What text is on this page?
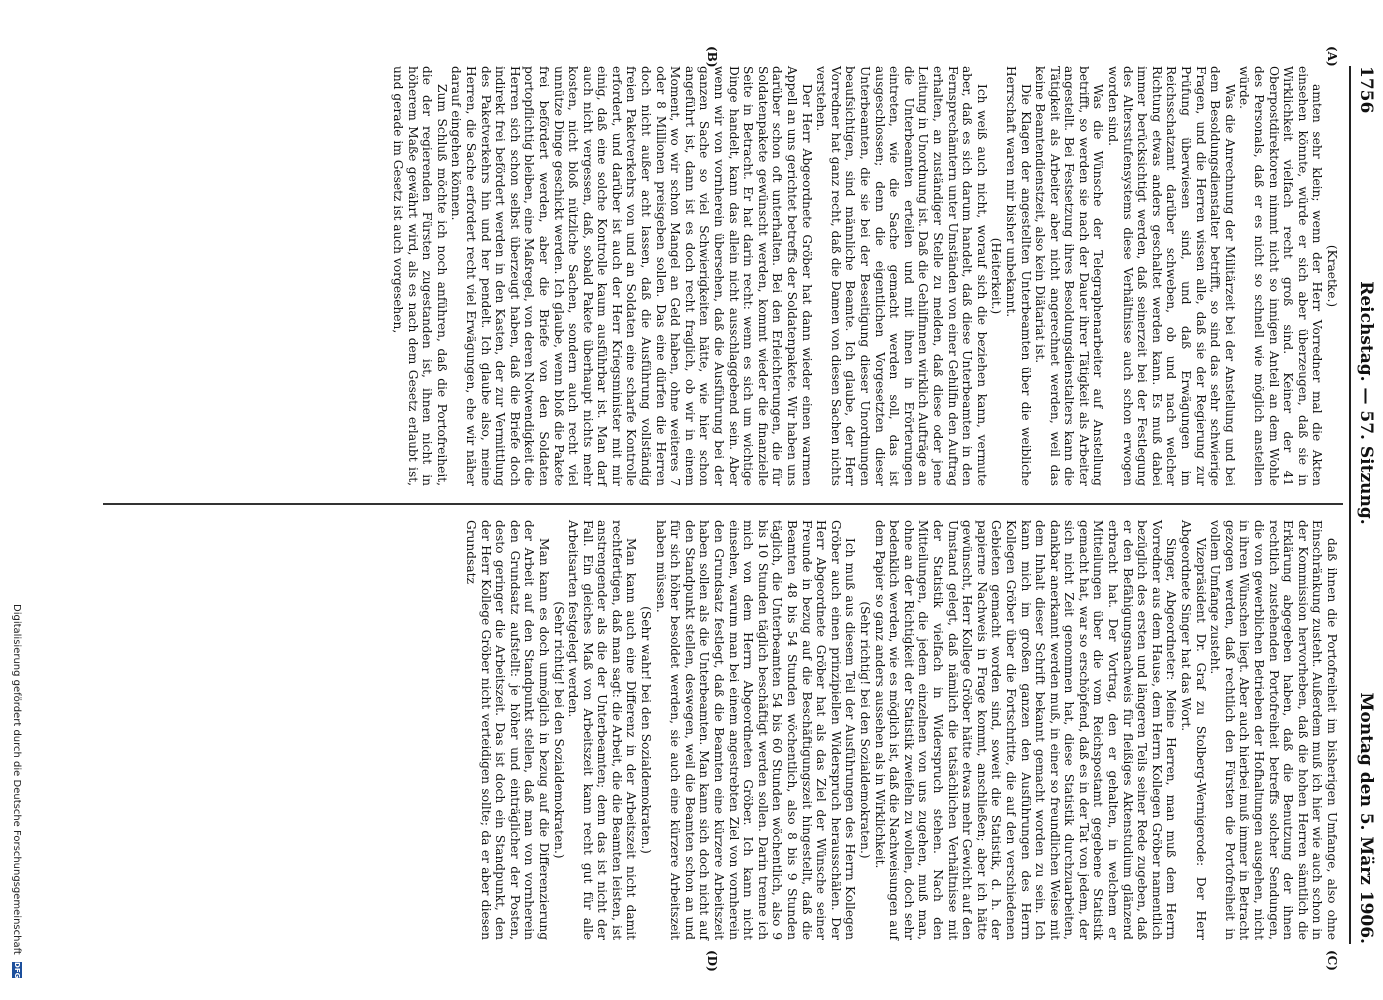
1756
Reichstag. — 57. Sitzung.
Montag den 5. März 1906.
(A)
(B)
(C)
(D)

(Kraetke.)

amten sehr klein; wenn der Herr Vorredner mal die Akten einsehen könnte, würde er sich aber überzeugen, daß sie in Wirklichkeit vielfach recht groß sind. Keiner der 41 Oberpostdirektoren nimmt nicht so innigen Anteil an dem Wohle des Personals, daß er es nicht so schnell wie möglich anstellen würde.

Was die Anrechnung der Militärzeit bei der Anstellung und bei dem Besoldungsdienstalter betrifft, so sind das sehr schwierige Fragen, und die Herren wissen alle, daß sie der Regierung zur Prüfung überwiesen sind, und daß Erwägungen im Reichsschatzamt darüber schweben, ob und nach welcher Richtung etwas anders geschaltet werden kann. Es muß dabei immer berücksichtigt werden, daß seinerzeit bei der Festlegung des Altersstufensystems diese Verhältnisse auch schon erwogen worden sind.

Was die Wünsche der Telegraphenarbeiter auf Anstellung betrifft, so werden sie nach der Dauer ihrer Tätigkeit als Arbeiter angestellt. Bei Festsetzung ihres Besoldungsdienstalters kann die Tätigkeit als Arbeiter aber nicht angerechnet werden, weil das keine Beamtendienstzeit, also kein Diätariat ist.

Die Klagen der angestellten Unterbeamten über die weibliche Herrschaft waren mir bisher unbekannt.

(Heiterkeit.)

Ich weiß auch nicht, worauf sich die beziehen kann, vermute aber, daß es sich darum handelt, daß diese Unterbeamten in den Fernsprechämtern unter Umständen von einer Gehilfin den Auftrag erhalten, an zuständiger Stelle zu melden, daß diese oder jene Leitung in Unordnung ist. Daß die Gehilfinnen wirklich Aufträge an die Unterbeamten erteilen und mit ihnen in Erörterungen eintreten, wie die Sache gemacht werden soll, das ist ausgeschlossen; denn die eigentlichen Vorgesetzten dieser Unterbeamten, die sie bei der Beseitigung dieser Unordnungen beaufsichtigen, sind männliche Beamte. Ich glaube, der Herr Vorredner hat ganz recht, daß die Damen von diesen Sachen nichts verstehen.

Der Herr Abgeordnete Gröber hat dann wieder einen warmen Appell an uns gerichtet betreffs der Soldatenpakete. Wir haben uns darüber schon oft unterhalten. Bei den Erleichterungen, die für Soldatenpakete gewünscht werden, kommt wieder die finanzielle Seite in Betracht. Er hat darin recht: wenn es sich um wichtige Dinge handelt, kann das allein nicht ausschlaggebend sein. Aber wenn wir von vornherein übersehen, daß die Ausführung bei der ganzen Sache so viel Schwierigkeiten hätte, wie hier schon angeführt ist, dann ist es doch recht fraglich, ob wir in einem Moment, wo wir schon Mangel an Geld haben, ohne weiteres 7 oder 8 Millionen preisgeben sollen. Das eine dürfen die Herren doch nicht außer acht lassen, daß die Ausführung vollständig freien Paketverkehrs von und an Soldaten eine scharfe Kontrolle erfordert, und darüber ist auch der Herr Kriegsminister mit mir einig, daß eine solche Kontrolle kaum ausführbar ist. Man darf auch nicht vergessen, daß, sobald Pakete überhaupt nichts mehr kosten, nicht bloß nützliche Sachen, sondern auch recht viel unnütze Dinge geschickt werden. Ich glaube, wenn bloß die Pakete frei befördert werden, aber die Briefe von den Soldaten portopflichtig bleiben, eine Maßregel, von deren Notwendigkeit die Herren sich schon selbst überzeugt haben, daß die Briefe doch indirekt frei befördert werden in den Kasten, der zur Vermittlung des Paketverkehrs hin und her pendelt. Ich glaube also, meine Herren, die Sache erfordert recht viel Erwägungen, ehe wir näher darauf eingehen können.

Zum Schluß möchte ich noch anführen, daß die Portofreiheit, die der regierenden Fürsten zugestanden ist, ihnen nicht in höherem Maße gewährt wird, als es nach dem Gesetz erlaubt ist, und gerade im Gesetz ist auch vorgesehen,

daß ihnen die Portofreiheit im bisherigen Umfange, also ohne Einschränkung zusteht. Außerdem muß ich hier wie auch schon in der Kommission hervorheben, daß die hohen Herren sämtlich die Erklärung abgegeben haben, daß die Benutzung der ihnen rechtlich zustehenden Portofreiheit betreffs solcher Sendungen, die von gewerblichen Betrieben der Hofhaltungen ausgehen, nicht in ihren Wünschen liegt. Aber auch hierbei muß immer in Betracht gezogen werden, daß rechtlich den Fürsten die Portofreiheit in vollem Umfange zusteht.

Vizepräsident Dr. Graf zu Stolberg-Wernigerode: Der Herr Abgeordnete Singer hat das Wort.

Singer, Abgeordneter: Meine Herren, man muß dem Herrn Vorredner aus dem Hause, dem Herrn Kollegen Gröber namentlich bezüglich des ersten und längeren Teils seiner Rede zugeben, daß er den Befähigungsnachweis für fleißiges Aktenstudium glänzend erbracht hat. Der Vortrag, den er gehalten, in welchem er Mitteilungen über die vom Reichspostamt gegebene Statistik gemacht hat, war so erschöpfend, daß es in der Tat von jedem, der sich nicht Zeit genommen hat, diese Statistik durchzuarbeiten, dankbar anerkannt werden muß, in einer so freundlichen Weise mit dem Inhalt dieser Schrift bekannt gemacht worden zu sein. Ich kann mich im großen ganzen den Ausführungen des Herrn Kollegen Gröber über die Fortschritte, die auf den verschiedenen Gebieten gemacht worden sind, soweit die Statistik, d. h. der papierne Nachweis in Frage kommt, anschließen; aber ich hätte gewünscht, Herr Kollege Gröber hätte etwas mehr Gewicht auf den Umstand gelegt, daß nämlich die tatsächlichen Verhältnisse mit der Statistik vielfach in Widerspruch stehen. Nach den Mitteilungen, die jedem einzelnen von uns zugehen, muß man, ohne an der Richtigkeit der Statistik zweifeln zu wollen, doch sehr bedenklich werden, wie es möglich ist, daß die Nachweisungen auf dem Papier so ganz anders aussehen als in Wirklichkeit.

(Sehr richtig! bei den Sozialdemokraten.)

Ich muß aus diesem Teil der Ausführungen des Herrn Kollegen Gröber auch einen prinzipiellen Widerspruch herausschälen. Der Herr Abgeordnete Gröber hat als das Ziel der Wünsche seiner Freunde in bezug auf die Beschäftigungszeit hingestellt, daß die Beamten 48 bis 54 Stunden wöchentlich, also 8 bis 9 Stunden täglich, die Unterbeamten 54 bis 60 Stunden wöchentlich, also 9 bis 10 Stunden täglich beschäftigt werden sollen. Darin trenne ich mich von dem Herrn Abgeordneten Gröber. Ich kann nicht einsehen, warum man bei einem angestrebten Ziel von vornherein den Grundsatz festlegt, daß die Beamten eine kürzere Arbeitszeit haben sollen als die Unterbeamten. Man kann sich doch nicht auf den Standpunkt stellen, deswegen, weil die Beamten schon an und für sich höher besoldet werden, sie auch eine kürzere Arbeitszeit haben müssen.

(Sehr wahr! bei den Sozialdemokraten.)

Man kann auch eine Differenz in der Arbeitszeit nicht damit rechtfertigen, daß man sagt: die Arbeit, die die Beamten leisten, ist anstrengender als die der Unterbeamten; denn das ist nicht der Fall. Ein gleiches Maß von Arbeitszeit kann recht gut für alle Arbeitsarten festgelegt werden.

(Sehr richtig! bei den Sozialdemokraten.)

Man kann es doch unmöglich in bezug auf die Differenzierung der Arbeit auf den Standpunkt stellen, daß man von vornherein den Grundsatz aufstellt: je höher und einträglicher der Posten, desto geringer die Arbeitszeit. Das ist doch ein Standpunkt, den der Herr Kollege Gröber nicht verteidigen sollte; da er aber diesen Grundsatz

Digitalisierung gefördert durch die Deutsche Forschungsgemeinschaft DFG
